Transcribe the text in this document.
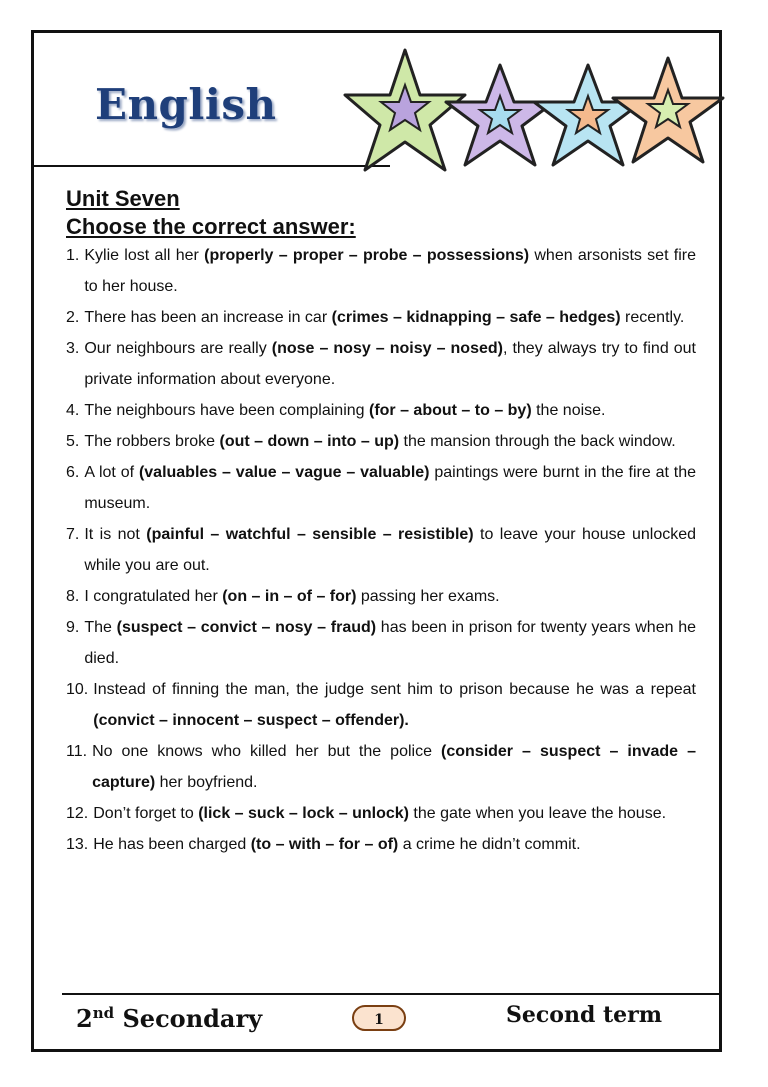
English
Unit Seven
Choose the correct answer:
1. Kylie lost all her (properly – proper – probe – possessions) when arsonists set fire to her house.
2. There has been an increase in car (crimes – kidnapping – safe – hedges) recently.
3. Our neighbours are really (nose – nosy – noisy – nosed), they always try to find out private information about everyone.
4. The neighbours have been complaining (for – about – to – by) the noise.
5. The robbers broke (out – down – into – up) the mansion through the back window.
6. A lot of (valuables – value – vague – valuable) paintings were burnt in the fire at the museum.
7. It is not (painful – watchful – sensible – resistible) to leave your house unlocked while you are out.
8. I congratulated her (on – in – of – for) passing her exams.
9. The (suspect – convict – nosy – fraud) has been in prison for twenty years when he died.
10. Instead of finning the man, the judge sent him to prison because he was a repeat (convict – innocent – suspect – offender).
11. No one knows who killed her but the police (consider – suspect – invade – capture) her boyfriend.
12. Don’t forget to (lick – suck – lock – unlock) the gate when you leave the house.
13. He has been charged (to – with – for – of) a crime he didn’t commit.
2nd Secondary	1	Second term
